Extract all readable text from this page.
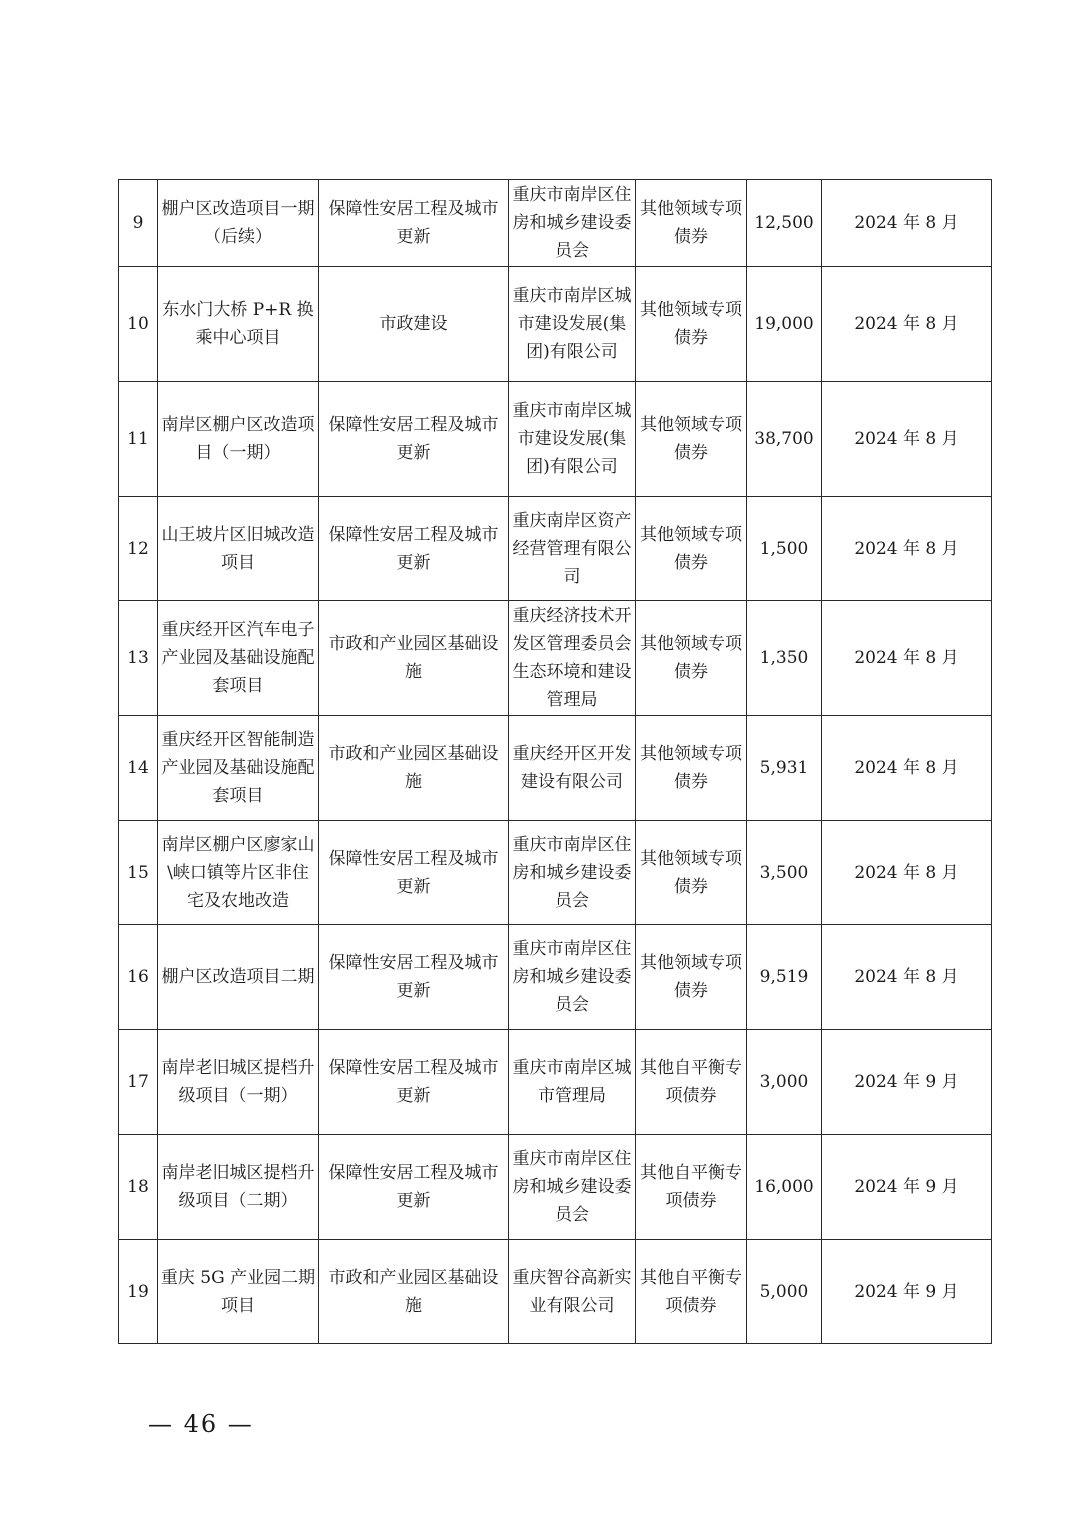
9	棚户区改造项目一期（后续）	保障性安居工程及城市更新	重庆市南岸区住房和城乡建设委员会	其他领域专项债券	12,500	2024 年 8 月
10	东水门大桥 P+R 换乘中心项目	市政建设	重庆市南岸区城市建设发展(集团)有限公司	其他领域专项债券	19,000	2024 年 8 月
11	南岸区棚户区改造项目（一期）	保障性安居工程及城市更新	重庆市南岸区城市建设发展(集团)有限公司	其他领域专项债券	38,700	2024 年 8 月
12	山王坡片区旧城改造项目	保障性安居工程及城市更新	重庆南岸区资产经营管理有限公司	其他领域专项债券	1,500	2024 年 8 月
13	重庆经开区汽车电子产业园及基础设施配套项目	市政和产业园区基础设施	重庆经济技术开发区管理委员会生态环境和建设管理局	其他领域专项债券	1,350	2024 年 8 月
14	重庆经开区智能制造产业园及基础设施配套项目	市政和产业园区基础设施	重庆经开区开发建设有限公司	其他领域专项债券	5,931	2024 年 8 月
15	南岸区棚户区廖家山\峡口镇等片区非住宅及农地改造	保障性安居工程及城市更新	重庆市南岸区住房和城乡建设委员会	其他领域专项债券	3,500	2024 年 8 月
16	棚户区改造项目二期	保障性安居工程及城市更新	重庆市南岸区住房和城乡建设委员会	其他领域专项债券	9,519	2024 年 8 月
17	南岸老旧城区提档升级项目（一期）	保障性安居工程及城市更新	重庆市南岸区城市管理局	其他自平衡专项债券	3,000	2024 年 9 月
18	南岸老旧城区提档升级项目（二期）	保障性安居工程及城市更新	重庆市南岸区住房和城乡建设委员会	其他自平衡专项债券	16,000	2024 年 9 月
19	重庆 5G 产业园二期项目	市政和产业园区基础设施	重庆智谷高新实业有限公司	其他自平衡专项债券	5,000	2024 年 9 月
— 46 —
